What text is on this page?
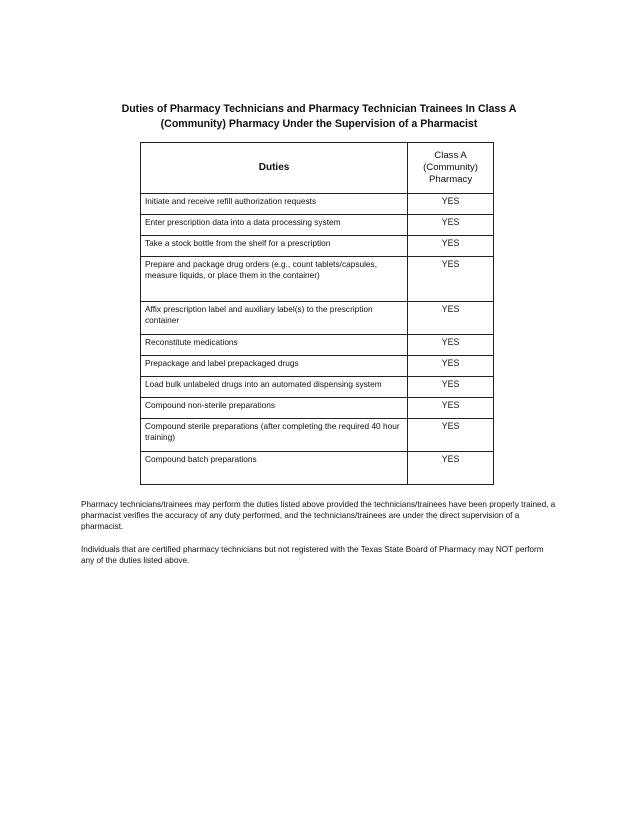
Duties of Pharmacy Technicians and Pharmacy Technician Trainees In Class A
(Community) Pharmacy Under the Supervision of a Pharmacist
Duties	Class A
(Community)
Pharmacy
Initiate and receive refill authorization requests	YES
Enter prescription data into a data processing system	YES
Take a stock bottle from the shelf for a prescription	YES
Prepare and package drug orders (e.g., count tablets/capsules, measure liquids, or place them in the container)	YES
Affix prescription label and auxiliary label(s) to the prescription container	YES
Reconstitute medications	YES
Prepackage and label prepackaged drugs	YES
Load bulk unlabeled drugs into an automated dispensing system	YES
Compound non-sterile preparations	YES
Compound sterile preparations (after completing the required 40 hour training)	YES
Compound batch preparations	YES

Pharmacy technicians/trainees may perform the duties listed above provided the technicians/trainees have been properly trained, a pharmacist verifies the accuracy of any duty performed, and the technicians/trainees are under the direct supervision of a pharmacist.

Individuals that are certified pharmacy technicians but not registered with the Texas State Board of Pharmacy may NOT perform any of the duties listed above.
